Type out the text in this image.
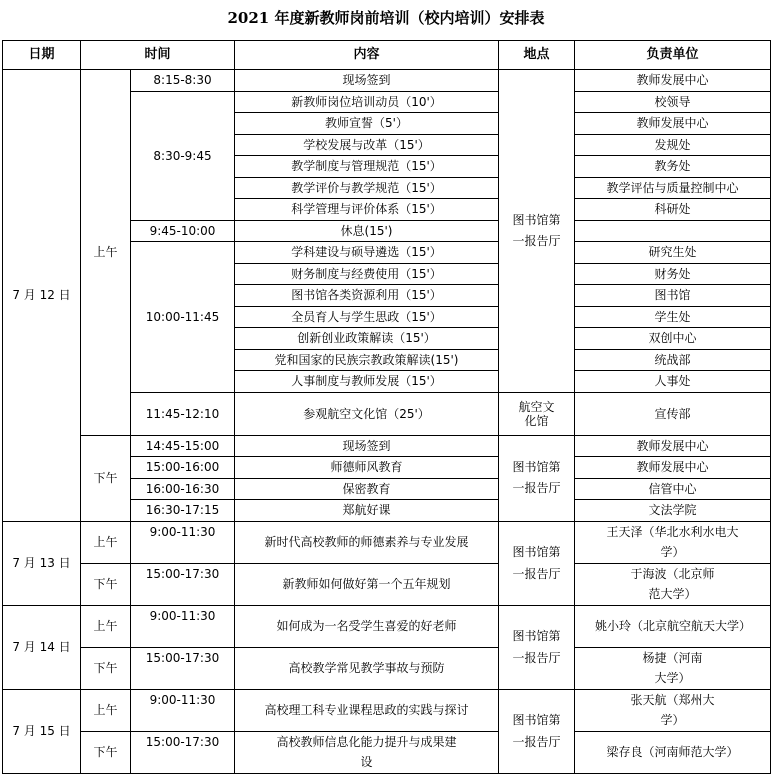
2021 年度新教师岗前培训（校内培训）安排表
日期	时间		内容	地点	负责单位
7 月 12 日	上午	8:15-8:30	现场签到	图书馆第一报告厅	教师发展中心
		8:30-9:45	新教师岗位培训动员（10'）		校领导
			教师宣誓（5'）		教师发展中心
			学校发展与改革（15'）		发规处
			教学制度与管理规范（15'）		教务处
			教学评价与教学规范（15'）		教学评估与质量控制中心
			科学管理与评价体系（15'）		科研处
		9:45-10:00	休息(15')		
		10:00-11:45	学科建设与硕导遴选（15'）		研究生处
			财务制度与经费使用（15'）		财务处
			图书馆各类资源利用（15'）		图书馆
			全员育人与学生思政（15'）		学生处
			创新创业政策解读（15'）		双创中心
			党和国家的民族宗教政策解读(15')		统战部
			人事制度与教师发展（15'）		人事处
		11:45-12:10	参观航空文化馆（25'）	航空文化馆	宣传部
	下午	14:45-15:00	现场签到	图书馆第一报告厅	教师发展中心
		15:00-16:00	师德师风教育		教师发展中心
		16:00-16:30	保密教育		信管中心
		16:30-17:15	郑航好课		文法学院
7 月 13 日	上午	9:00-11:30	新时代高校教师的师德素养与专业发展	图书馆第一报告厅	王天泽（华北水利水电大学）
	下午	15:00-17:30	新教师如何做好第一个五年规划		于海波（北京师范大学）
7 月 14 日	上午	9:00-11:30	如何成为一名受学生喜爱的好老师	图书馆第一报告厅	姚小玲（北京航空航天大学）
	下午	15:00-17:30	高校教学常见教学事故与预防		杨捷（河南大学）
7 月 15 日	上午	9:00-11:30	高校理工科专业课程思政的实践与探讨	图书馆第一报告厅	张天航（郑州大学）
	下午	15:00-17:30	高校教师信息化能力提升与成果建设		梁存良（河南师范大学）
